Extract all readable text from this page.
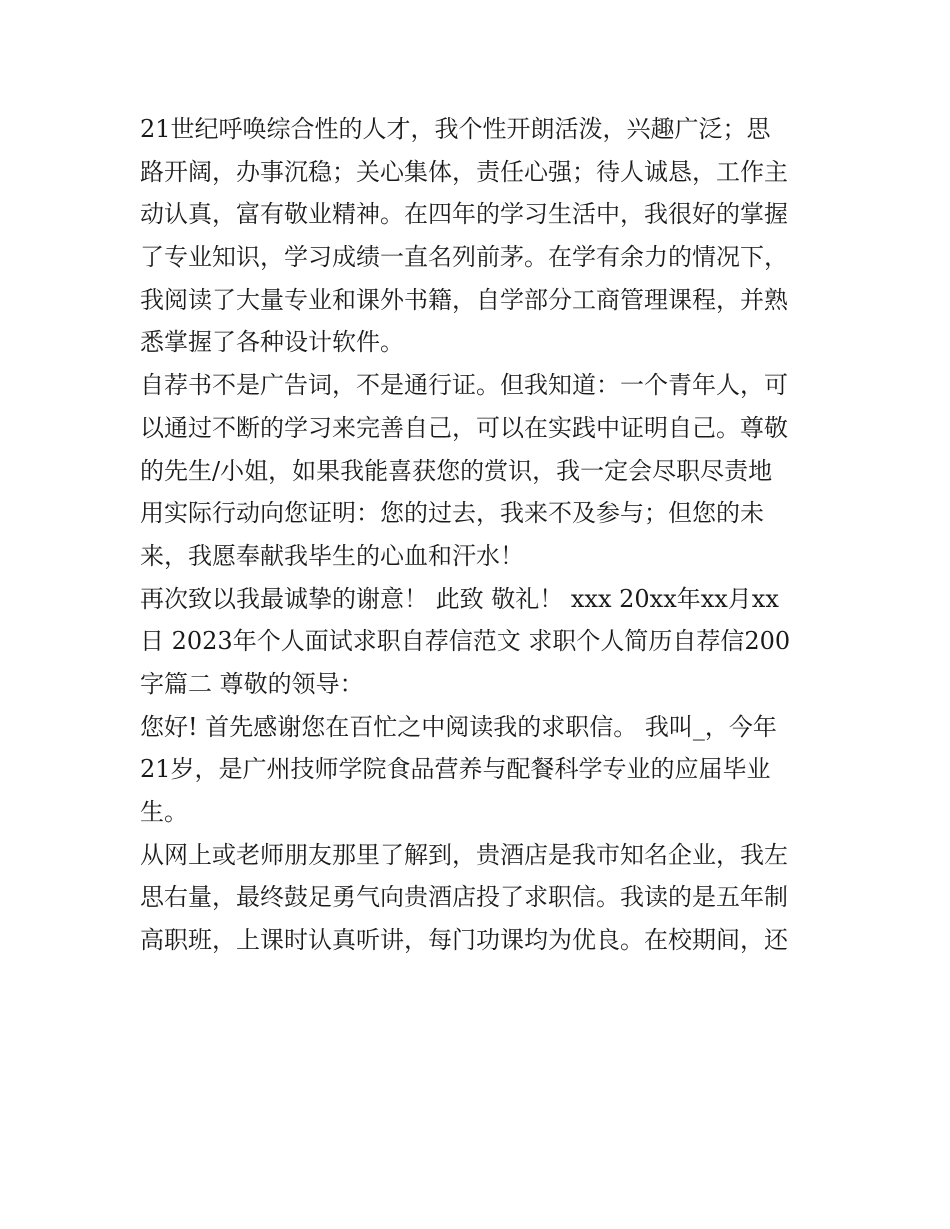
21世纪呼唤综合性的人才，我个性开朗活泼，兴趣广泛；思
路开阔，办事沉稳；关心集体，责任心强；待人诚恳，工作主
动认真，富有敬业精神。在四年的学习生活中，我很好的掌握
了专业知识，学习成绩一直名列前茅。在学有余力的情况下，
我阅读了大量专业和课外书籍，自学部分工商管理课程，并熟
悉掌握了各种设计软件。

自荐书不是广告词，不是通行证。但我知道：一个青年人，可
以通过不断的学习来完善自己，可以在实践中证明自己。尊敬
的先生/小姐，如果我能喜获您的赏识，我一定会尽职尽责地
用实际行动向您证明：您的过去，我来不及参与；但您的未
来，我愿奉献我毕生的心血和汗水！

再次致以我最诚挚的谢意！ 此致 敬礼！ xxx 20xx年xx月xx
日 2023年个人面试求职自荐信范文 求职个人简历自荐信200
字篇二 尊敬的领导：

您好! 首先感谢您在百忙之中阅读我的求职信。 我叫_，今年
21岁，是广州技师学院食品营养与配餐科学专业的应届毕业
生。

从网上或老师朋友那里了解到，贵酒店是我市知名企业，我左
思右量，最终鼓足勇气向贵酒店投了求职信。我读的是五年制
高职班，上课时认真听讲，每门功课均为优良。在校期间，还
